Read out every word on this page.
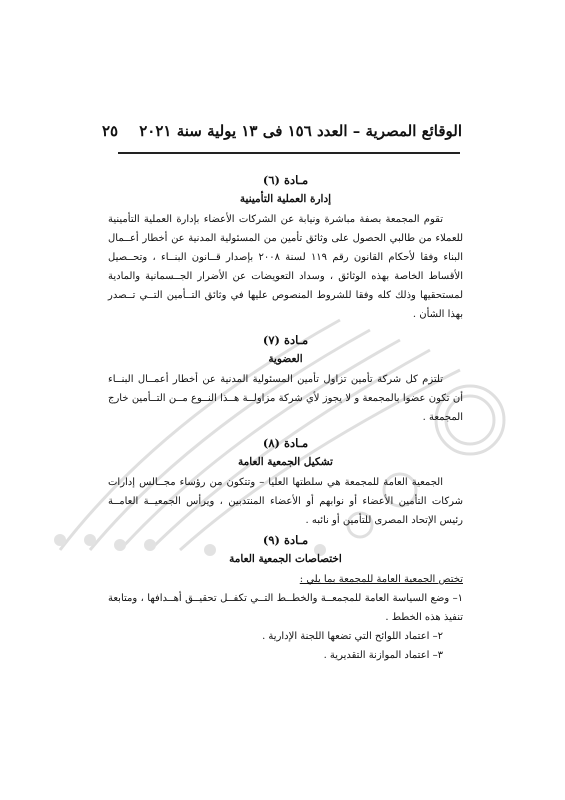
الوقائع المصرية – العدد ١٥٦ فى ١٣ يولية سنة ٢٠٢١
٢٥

مـادة (٦)

إدارة العملية التأمينية

تقوم المجمعة بصفة مباشرة ونيابة عن الشركات الأعضاء بإدارة العملية التأمينية للعملاء من طالبي الحصول على وثائق تأمين من المسئولية المدنية عن أخطار أعــمال البناء وفقا لأحكام القانون رقم ١١٩ لسنة ٢٠٠٨ بإصدار قــانون البنــاء ، وتحــصيل الأقساط الخاصة بهذه الوثائق ، وسداد التعويضات عن الأضرار الجــسمانية والمادية لمستحقيها وذلك كله وفقا للشروط المنصوص عليها في وثائق التــأمين التــي تــصدر بهذا الشأن .

مـادة (٧)

العضوية

تلتزم كل شركة تأمين تزاول تأمين المسئولية المدنية عن أخطار أعمــال البنــاء أن تكون عضوا بالمجمعة و لا يجوز لأي شركة مزاولــة هــذا النــوع مــن التــأمين خارج المجمعة .

مـادة (٨)

تشكيل الجمعية العامة

الجمعية العامة للمجمعة هي سلطتها العليا – وتتكون من رؤساء مجــالس إدارات شركات التأمين الأعضاء أو نوابهم أو الأعضاء المنتدبين ، ويرأس الجمعيــة العامــة رئيس الإتحاد المصرى للتأمين أو نائبه .

مـادة (٩)

اختصاصات الجمعية العامة

تختص الجمعية العامة للمجمعة بما يلي :

١– وضع السياسة العامة للمجمعــة والخطــط التــي تكفــل تحقيــق أهــدافها ، ومتابعة تنفيذ هذه الخطط .

٢– اعتماد اللوائح التي تضعها اللجنة الإدارية .

٣– اعتماد الموازنة التقديرية .
